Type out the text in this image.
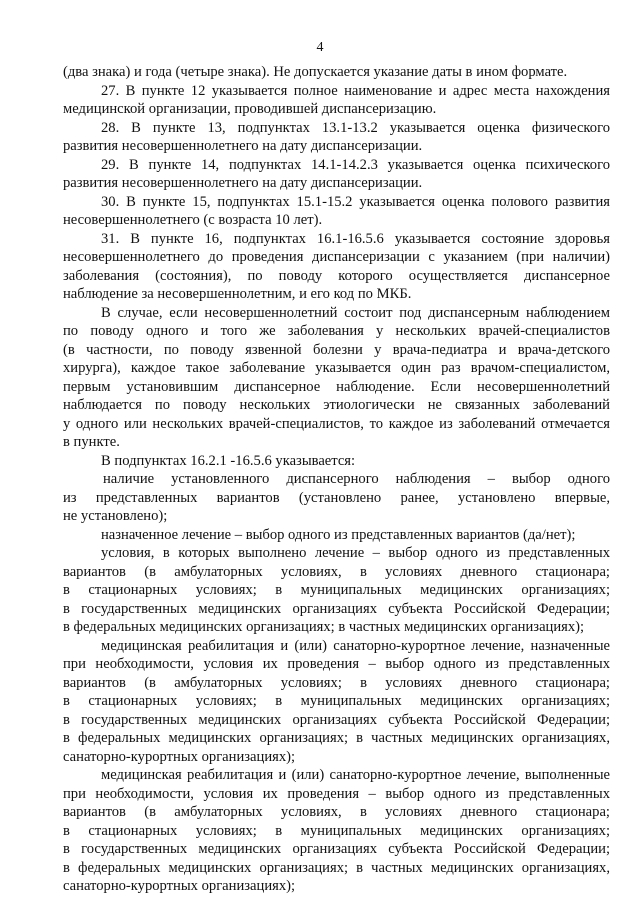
4
(два знака) и года (четыре знака). Не допускается указание даты в ином формате.
27. В пункте 12 указывается полное наименование и адрес места нахождения
медицинской организации, проводившей диспансеризацию.
28. В пункте 13, подпунктах 13.1-13.2 указывается оценка физического
развития несовершеннолетнего на дату диспансеризации.
29. В пункте 14, подпунктах 14.1-14.2.3 указывается оценка психического
развития несовершеннолетнего на дату диспансеризации.
30. В пункте 15, подпунктах 15.1-15.2 указывается оценка полового развития
несовершеннолетнего (с возраста 10 лет).
31. В пункте 16, подпунктах 16.1-16.5.6 указывается состояние здоровья
несовершеннолетнего до проведения диспансеризации с указанием (при наличии)
заболевания (состояния), по поводу которого осуществляется диспансерное
наблюдение за несовершеннолетним, и его код по МКБ.
В случае, если несовершеннолетний состоит под диспансерным наблюдением
по поводу одного и того же заболевания у нескольких врачей-специалистов
(в частности, по поводу язвенной болезни у врача-педиатра и врача-детского
хирурга), каждое такое заболевание указывается один раз врачом-специалистом,
первым установившим диспансерное наблюдение. Если несовершеннолетний
наблюдается по поводу нескольких этиологически не связанных заболеваний
у одного или нескольких врачей-специалистов, то каждое из заболеваний отмечается
в пункте.
В подпунктах 16.2.1 -16.5.6 указывается:
наличие установленного диспансерного наблюдения – выбор одного
из представленных вариантов (установлено ранее, установлено впервые,
не установлено);
назначенное лечение – выбор одного из представленных вариантов (да/нет);
условия, в которых выполнено лечение – выбор одного из представленных
вариантов (в амбулаторных условиях, в условиях дневного стационара;
в стационарных условиях; в муниципальных медицинских организациях;
в государственных медицинских организациях субъекта Российской Федерации;
в федеральных медицинских организациях; в частных медицинских организациях);
медицинская реабилитация и (или) санаторно-курортное лечение, назначенные
при необходимости, условия их проведения – выбор одного из представленных
вариантов (в амбулаторных условиях; в условиях дневного стационара;
в стационарных условиях; в муниципальных медицинских организациях;
в государственных медицинских организациях субъекта Российской Федерации;
в федеральных медицинских организациях; в частных медицинских организациях,
санаторно-курортных организациях);
медицинская реабилитация и (или) санаторно-курортное лечение, выполненные
при необходимости, условия их проведения – выбор одного из представленных
вариантов (в амбулаторных условиях, в условиях дневного стационара;
в стационарных условиях; в муниципальных медицинских организациях;
в государственных медицинских организациях субъекта Российской Федерации;
в федеральных медицинских организациях; в частных медицинских организациях,
санаторно-курортных организациях);
